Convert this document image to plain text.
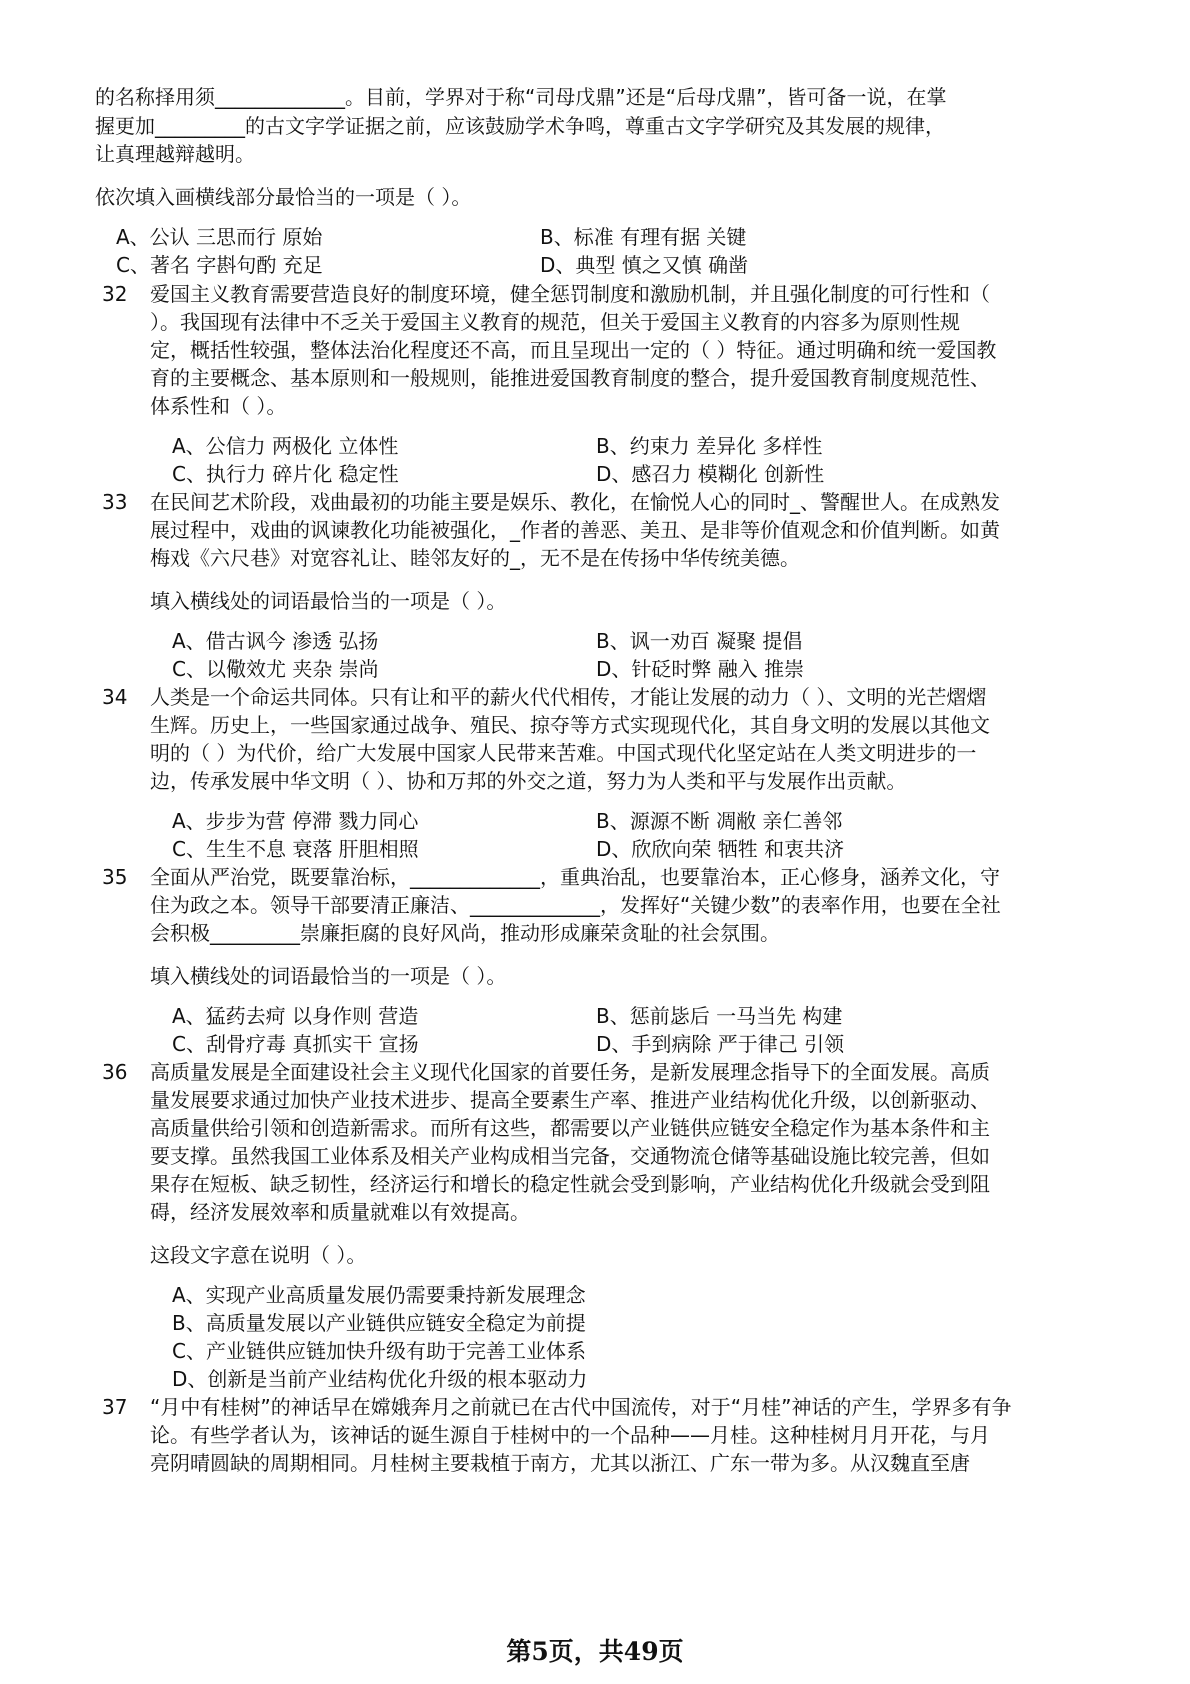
的名称择用须_____________。目前，学界对于称“司母戊鼎”还是“后母戊鼎”，皆可备一说，在掌
握更加_________的古文字学证据之前，应该鼓励学术争鸣，尊重古文字学研究及其发展的规律，
让真理越辩越明。
依次填入画横线部分最恰当的一项是（ ）。
A、公认 三思而行 原始	B、标准 有理有据 关键
C、著名 字斟句酌 充足	D、典型 慎之又慎 确凿
32	爱国主义教育需要营造良好的制度环境，健全惩罚制度和激励机制，并且强化制度的可行性和（
）。我国现有法律中不乏关于爱国主义教育的规范，但关于爱国主义教育的内容多为原则性规
定，概括性较强，整体法治化程度还不高，而且呈现出一定的（ ）特征。通过明确和统一爱国教
育的主要概念、基本原则和一般规则，能推进爱国教育制度的整合，提升爱国教育制度规范性、
体系性和（ ）。
A、公信力 两极化 立体性	B、约束力 差异化 多样性
C、执行力 碎片化 稳定性	D、感召力 模糊化 创新性
33	在民间艺术阶段，戏曲最初的功能主要是娱乐、教化，在愉悦人心的同时_、警醒世人。在成熟发
展过程中，戏曲的讽谏教化功能被强化，_作者的善恶、美丑、是非等价值观念和价值判断。如黄
梅戏《六尺巷》对宽容礼让、睦邻友好的_，无不是在传扬中华传统美德。
填入横线处的词语最恰当的一项是（ ）。
A、借古讽今 渗透 弘扬	B、讽一劝百 凝聚 提倡
C、以儆效尤 夹杂 崇尚	D、针砭时弊 融入 推崇
34	人类是一个命运共同体。只有让和平的薪火代代相传，才能让发展的动力（ ）、文明的光芒熠熠
生辉。历史上，一些国家通过战争、殖民、掠夺等方式实现现代化，其自身文明的发展以其他文
明的（ ）为代价，给广大发展中国家人民带来苦难。中国式现代化坚定站在人类文明进步的一
边，传承发展中华文明（ ）、协和万邦的外交之道，努力为人类和平与发展作出贡献。
A、步步为营 停滞 戮力同心	B、源源不断 凋敝 亲仁善邻
C、生生不息 衰落 肝胆相照	D、欣欣向荣 牺牲 和衷共济
35	全面从严治党，既要靠治标，_____________，重典治乱，也要靠治本，正心修身，涵养文化，守
住为政之本。领导干部要清正廉洁、_____________，发挥好“关键少数”的表率作用，也要在全社
会积极_________崇廉拒腐的良好风尚，推动形成廉荣贪耻的社会氛围。
填入横线处的词语最恰当的一项是（ ）。
A、猛药去疴 以身作则 营造	B、惩前毖后 一马当先 构建
C、刮骨疗毒 真抓实干 宣扬	D、手到病除 严于律己 引领
36	高质量发展是全面建设社会主义现代化国家的首要任务，是新发展理念指导下的全面发展。高质
量发展要求通过加快产业技术进步、提高全要素生产率、推进产业结构优化升级，以创新驱动、
高质量供给引领和创造新需求。而所有这些，都需要以产业链供应链安全稳定作为基本条件和主
要支撑。虽然我国工业体系及相关产业构成相当完备，交通物流仓储等基础设施比较完善，但如
果存在短板、缺乏韧性，经济运行和增长的稳定性就会受到影响，产业结构优化升级就会受到阻
碍，经济发展效率和质量就难以有效提高。
这段文字意在说明（ ）。
A、实现产业高质量发展仍需要秉持新发展理念
B、高质量发展以产业链供应链安全稳定为前提
C、产业链供应链加快升级有助于完善工业体系
D、创新是当前产业结构优化升级的根本驱动力
37	“月中有桂树”的神话早在嫦娥奔月之前就已在古代中国流传，对于“月桂”神话的产生，学界多有争
论。有些学者认为，该神话的诞生源自于桂树中的一个品种——月桂。这种桂树月月开花，与月
亮阴晴圆缺的周期相同。月桂树主要栽植于南方，尤其以浙江、广东一带为多。从汉魏直至唐
第5页，共49页
